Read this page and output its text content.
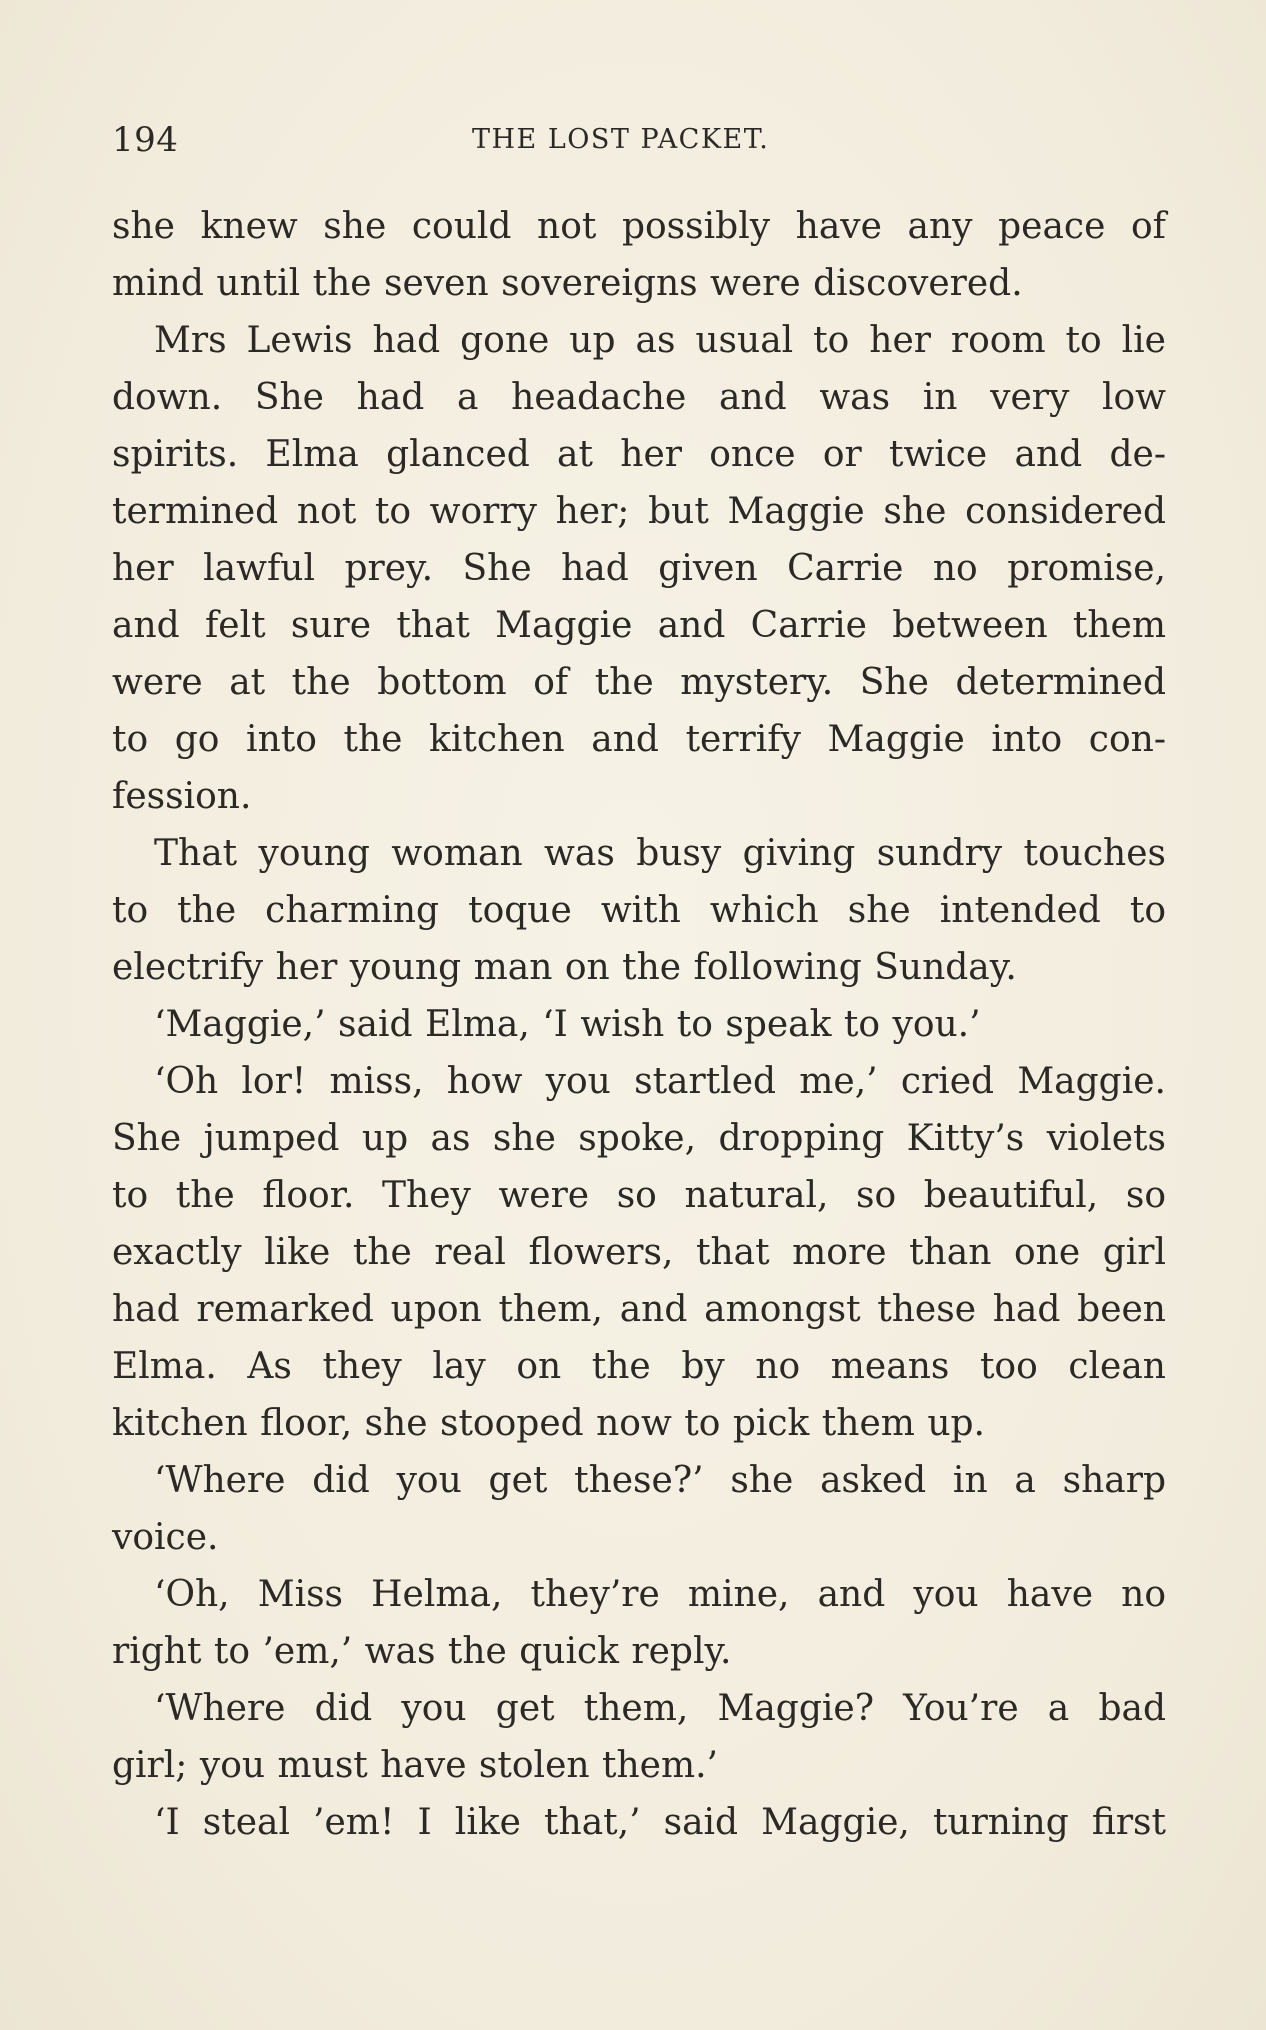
194	THE LOST PACKET.
she knew she could not possibly have any peace of
mind until the seven sovereigns were discovered.
Mrs Lewis had gone up as usual to her room to lie
down. She had a headache and was in very low
spirits. Elma glanced at her once or twice and de-
termined not to worry her; but Maggie she considered
her lawful prey. She had given Carrie no promise,
and felt sure that Maggie and Carrie between them
were at the bottom of the mystery. She determined
to go into the kitchen and terrify Maggie into con-
fession.
That young woman was busy giving sundry touches
to the charming toque with which she intended to
electrify her young man on the following Sunday.
‘Maggie,’ said Elma, ‘I wish to speak to you.’
‘Oh lor! miss, how you startled me,’ cried Maggie.
She jumped up as she spoke, dropping Kitty’s violets
to the floor. They were so natural, so beautiful, so
exactly like the real flowers, that more than one girl
had remarked upon them, and amongst these had been
Elma. As they lay on the by no means too clean
kitchen floor, she stooped now to pick them up.
‘Where did you get these?’ she asked in a sharp
voice.
‘Oh, Miss Helma, they’re mine, and you have no
right to ’em,’ was the quick reply.
‘Where did you get them, Maggie? You’re a bad
girl; you must have stolen them.’
‘I steal ’em! I like that,’ said Maggie, turning first
